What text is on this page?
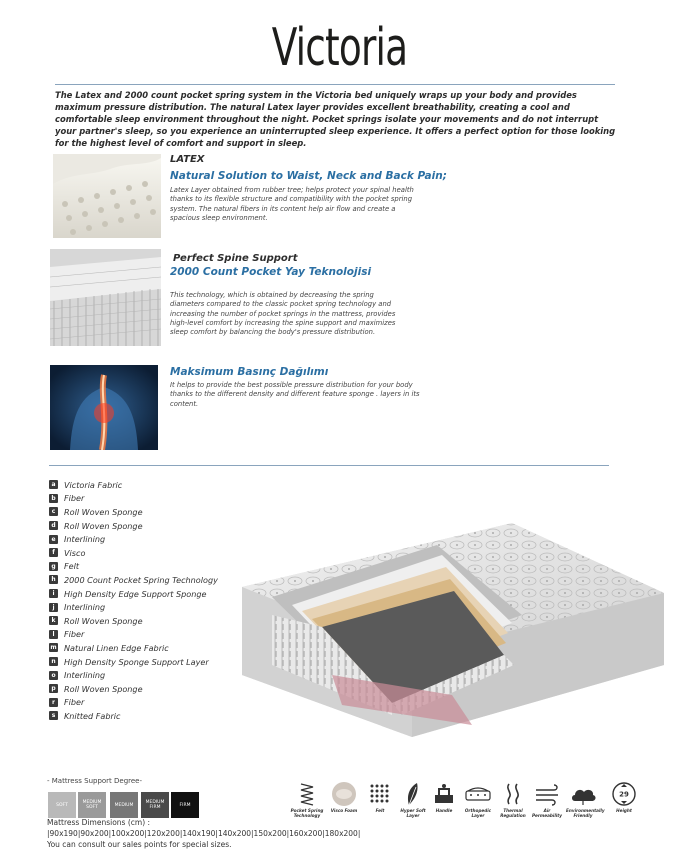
Victoria
The Latex and 2000 count pocket spring system in the Victoria bed uniquely wraps up your body and provides maximum pressure distribution. The natural Latex layer provides excellent breathability, creating a cool and comfortable sleep environment throughout the night. Pocket springs isolate your movements and do not interrupt your partner's sleep, so you experience an uninterrupted sleep experience. It offers a perfect option for those looking for the highest level of comfort and support in sleep.
LATEX
Natural Solution to Waist, Neck and Back Pain;
Latex Layer obtained from rubber tree; helps protect your spinal health thanks to its flexible structure and compatibility with the pocket spring system. The natural fibers in its content help air flow and create a spacious sleep environment.
Perfect Spine Support
2000 Count Pocket Yay Teknolojisi
This technology, which is obtained by decreasing the spring diameters compared to the classic pocket spring technology and increasing the number of pocket springs in the mattress, provides high-level comfort by increasing the spine support and maximizes sleep comfort by balancing the body's pressure distribution.
Maksimum Basınç Dağılımı
It helps to provide the best possible pressure distribution for your body thanks to the different density and different feature sponge . layers in its content.
a	Victoria Fabric
b Fiber
c	Roll Woven Sponge
d Roll Woven Sponge
e	Interlining
f	Visco
g Felt
h 2000 Count Pocket Spring Technology
i	High Density Edge Support Sponge
j	Interlining
k	Roll Woven Sponge
l	Fiber
m Natural Linen Edge Fabric
n High Density Sponge Support Layer
o	Interlining
p Roll Woven Sponge
r	Fiber
s	Knitted Fabric
- Mattress Support Degree-
SOFT	MEDIUM SOFT	MEDIUM	MEDIUM FIRM	FIRM
Mattress Dimensions (cm) :
|90x190|90x200|100x200|120x200|140x190|140x200|150x200|160x200|180x200|
You can consult our sales points for special sizes.
Pocket Spring Technology
Visco Foam	Felt	Hyper Soft Layer
Handle	Orthopedic Layer
Thermal Regulation
Air Permeability
Environmentally Friendly
29
Height
